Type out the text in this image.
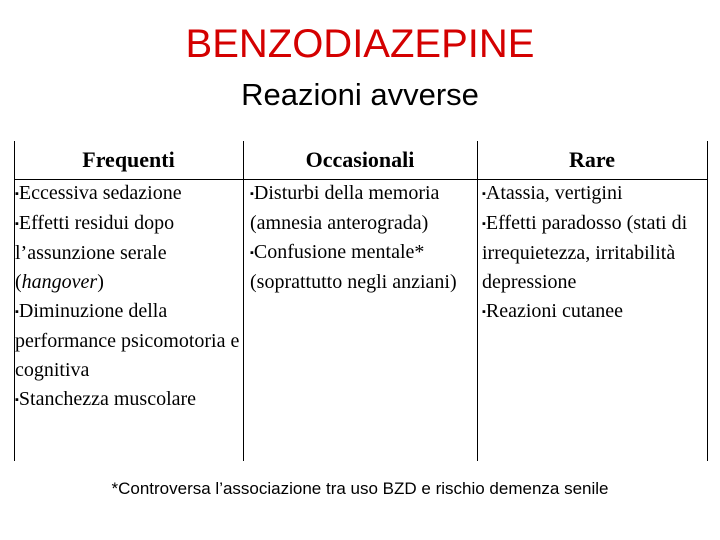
BENZODIAZEPINE
Reazioni avverse
Frequenti	Occasionali	Rare

▪Eccessiva sedazione

▪Effetti residui dopo l’assunzione serale (hangover)

▪Diminuzione della performance psicomotoria e cognitiva

▪Stanchezza muscolare

▪Disturbi della memoria (amnesia anterograda)

▪Confusione mentale* (soprattutto negli anziani)

▪Atassia, vertigini

▪Effetti paradosso (stati di irrequietezza, irritabilità depressione

▪Reazioni cutanee

*Controversa l’associazione tra uso BZD e rischio demenza senile
